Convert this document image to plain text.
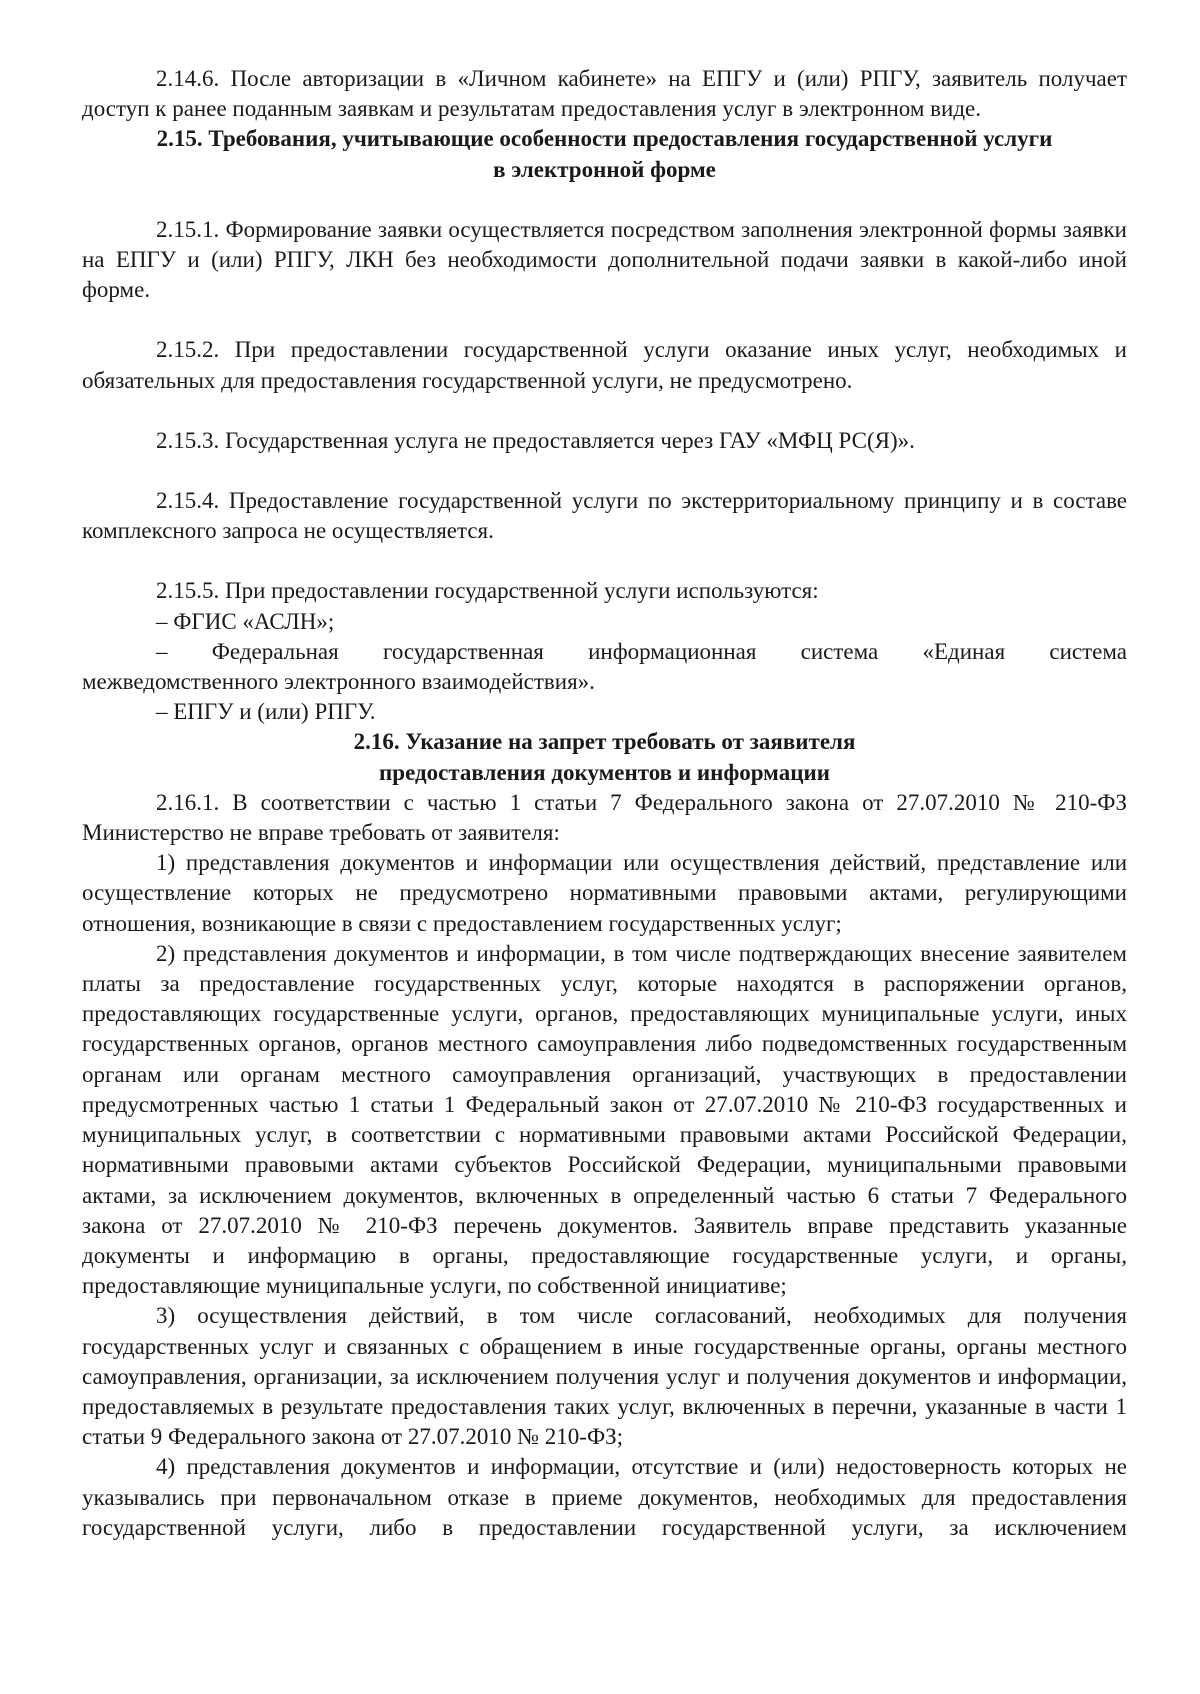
2.14.6. После авторизации в «Личном кабинете» на ЕПГУ и (или) РПГУ, заявитель получает доступ к ранее поданным заявкам и результатам предоставления услуг в электронном виде.

2.15. Требования, учитывающие особенности предоставления государственной услуги
в электронной форме

2.15.1. Формирование заявки осуществляется посредством заполнения электронной формы заявки на ЕПГУ и (или) РПГУ, ЛКН без необходимости дополнительной подачи заявки в какой-либо иной форме.

2.15.2. При предоставлении государственной услуги оказание иных услуг, необходимых и обязательных для предоставления государственной услуги, не предусмотрено.

2.15.3. Государственная услуга не предоставляется через ГАУ «МФЦ РС(Я)».

2.15.4. Предоставление государственной услуги по экстерриториальному принципу и в составе комплексного запроса не осуществляется.

2.15.5. При предоставлении государственной услуги используются:

– ФГИС «АСЛН»;

– Федеральная государственная информационная система «Единая система

межведомственного электронного взаимодействия».

– ЕПГУ и (или) РПГУ.

2.16. Указание на запрет требовать от заявителя
предоставления документов и информации

2.16.1. В соответствии с частью 1 статьи 7 Федерального закона от 27.07.2010 № 210-ФЗ Министерство не вправе требовать от заявителя:

1) представления документов и информации или осуществления действий, представление или осуществление которых не предусмотрено нормативными правовыми актами, регулирующими отношения, возникающие в связи с предоставлением государственных услуг;

2) представления документов и информации, в том числе подтверждающих внесение заявителем платы за предоставление государственных услуг, которые находятся в распоряжении органов, предоставляющих государственные услуги, органов, предоставляющих муниципальные услуги, иных государственных органов, органов местного самоуправления либо подведомственных государственным органам или органам местного самоуправления организаций, участвующих в предоставлении предусмотренных частью 1 статьи 1 Федеральный закон от 27.07.2010 № 210-ФЗ государственных и муниципальных услуг, в соответствии с нормативными правовыми актами Российской Федерации, нормативными правовыми актами субъектов Российской Федерации, муниципальными правовыми актами, за исключением документов, включенных в определенный частью 6 статьи 7 Федерального закона от 27.07.2010 № 210-ФЗ перечень документов. Заявитель вправе представить указанные документы и информацию в органы, предоставляющие государственные услуги, и органы, предоставляющие муниципальные услуги, по собственной инициативе;

3) осуществления действий, в том числе согласований, необходимых для получения государственных услуг и связанных с обращением в иные государственные органы, органы местного самоуправления, организации, за исключением получения услуг и получения документов и информации, предоставляемых в результате предоставления таких услуг, включенных в перечни, указанные в части 1 статьи 9 Федерального закона от 27.07.2010 № 210-ФЗ;

4) представления документов и информации, отсутствие и (или) недостоверность которых не указывались при первоначальном отказе в приеме документов, необходимых для предоставления государственной услуги, либо в предоставлении государственной услуги, за исключением
